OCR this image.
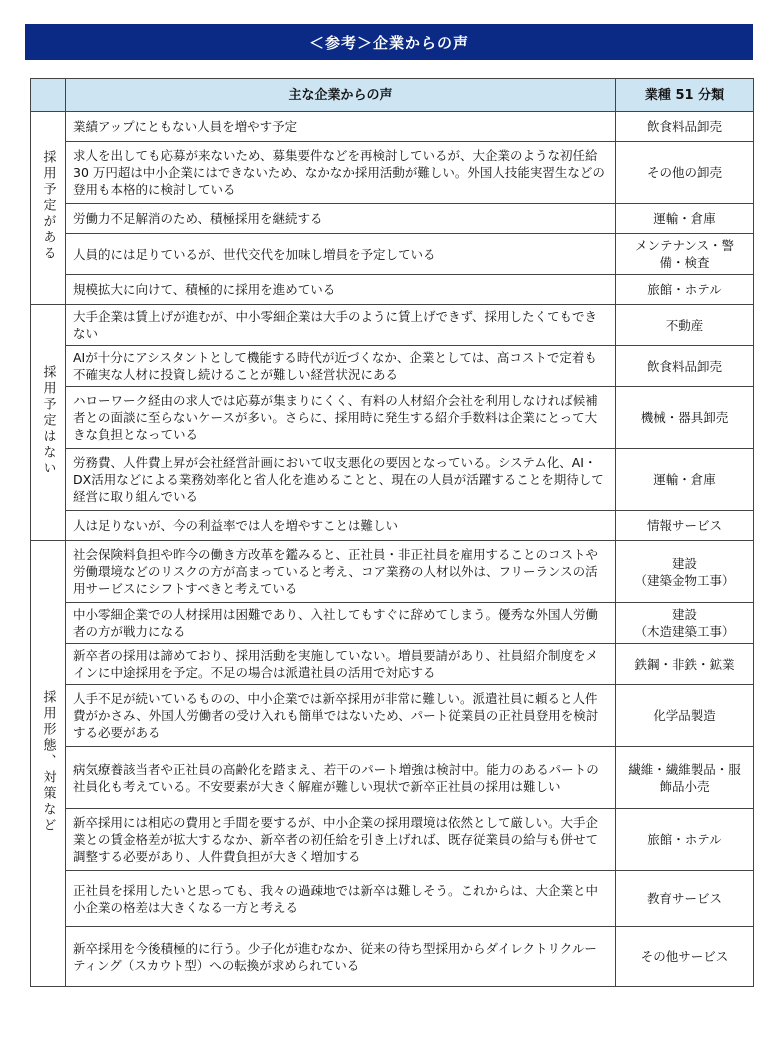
＜参考＞企業からの声
	主な企業からの声	業種 51 分類
採用予定がある	業績アップにともない人員を増やす予定	飲食料品卸売
	求人を出しても応募が来ないため、募集要件などを再検討しているが、大企業のような初任給 30 万円超は中小企業にはできないため、なかなか採用活動が難しい。外国人技能実習生などの登用も本格的に検討している	その他の卸売
	労働力不足解消のため、積極採用を継続する	運輸・倉庫
	人員的には足りているが、世代交代を加味し増員を予定している	メンテナンス・警備・検査
	規模拡大に向けて、積極的に採用を進めている	旅館・ホテル
採用予定はない	大手企業は賃上げが進むが、中小零細企業は大手のように賃上げできず、採用したくてもできない	不動産
	AIが十分にアシスタントとして機能する時代が近づくなか、企業としては、高コストで定着も不確実な人材に投資し続けることが難しい経営状況にある	飲食料品卸売
	ハローワーク経由の求人では応募が集まりにくく、有料の人材紹介会社を利用しなければ候補者との面談に至らないケースが多い。さらに、採用時に発生する紹介手数料は企業にとって大きな負担となっている	機械・器具卸売
	労務費、人件費上昇が会社経営計画において収支悪化の要因となっている。システム化、AI・DX活用などによる業務効率化と省人化を進めることと、現在の人員が活躍することを期待して経営に取り組んでいる	運輸・倉庫
	人は足りないが、今の利益率では人を増やすことは難しい	情報サービス
採用形態、対策など	社会保険料負担や昨今の働き方改革を鑑みると、正社員・非正社員を雇用することのコストや労働環境などのリスクの方が高まっていると考え、コア業務の人材以外は、フリーランスの活用サービスにシフトすべきと考えている	建設
（建築金物工事）
	中小零細企業での人材採用は困難であり、入社してもすぐに辞めてしまう。優秀な外国人労働者の方が戦力になる	建設
（木造建築工事）
	新卒者の採用は諦めており、採用活動を実施していない。増員要請があり、社員紹介制度をメインに中途採用を予定。不足の場合は派遣社員の活用で対応する	鉄鋼・非鉄・鉱業
	人手不足が続いているものの、中小企業では新卒採用が非常に難しい。派遣社員に頼ると人件費がかさみ、外国人労働者の受け入れも簡単ではないため、パート従業員の正社員登用を検討する必要がある	化学品製造
	病気療養該当者や正社員の高齢化を踏まえ、若干のパート増強は検討中。能力のあるパートの社員化も考えている。不安要素が大きく解雇が難しい現状で新卒正社員の採用は難しい	繊維・繊維製品・服飾品小売
	新卒採用には相応の費用と手間を要するが、中小企業の採用環境は依然として厳しい。大手企業との賃金格差が拡大するなか、新卒者の初任給を引き上げれば、既存従業員の給与も併せて調整する必要があり、人件費負担が大きく増加する	旅館・ホテル
	正社員を採用したいと思っても、我々の過疎地では新卒は難しそう。これからは、大企業と中小企業の格差は大きくなる一方と考える	教育サービス
	新卒採用を今後積極的に行う。少子化が進むなか、従来の待ち型採用からダイレクトリクルーティング（スカウト型）への転換が求められている	その他サービス
